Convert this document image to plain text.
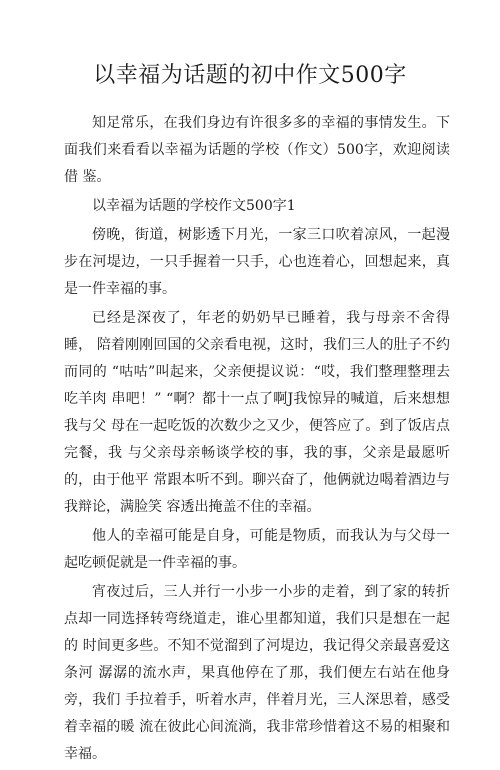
以幸福为话题的初中作文500字

知足常乐，在我们身边有许很多多的幸福的事情发生。下 面我们来看看以幸福为话题的学校（作文）500字，欢迎阅读借 鉴。

以幸福为话题的学校作文500字1

傍晚，街道，树影透下月光，一家三口吹着凉风，一起漫 步在河堤边，一只手握着一只手，心也连着心，回想起来，真是一件幸福的事。

已经是深夜了，年老的奶奶早已睡着，我与母亲不舍得睡， 陪着刚刚回国的父亲看电视，这时，我们三人的肚子不约而同的 “咕咕”叫起来，父亲便提议说：“哎，我们整理整理去吃羊肉 串吧！” “啊？都十一点了啊J我惊异的喊道，后来想想我与父 母在一起吃饭的次数少之又少，便答应了。到了饭店点完餐，我 与父亲母亲畅谈学校的事，我的事，父亲是最愿听的，由于他平 常跟本听不到。聊兴奋了，他俩就边喝着酒边与我辩论，满脸笑 容透出掩盖不住的幸福。

他人的幸福可能是自身，可能是物质，而我认为与父母一 起吃顿促就是一件幸福的事。

宵夜过后，三人并行一小步一小步的走着，到了家的转折 点却一同选择转弯绕道走，谁心里都知道，我们只是想在一起的 时间更多些。不知不觉溜到了河堤边，我记得父亲最喜爱这条河 潺潺的流水声，果真他停在了那，我们便左右站在他身旁，我们 手拉着手，听着水声，伴着月光，三人深思着，感受着幸福的暖 流在彼此心间流淌，我非常珍惜着这不易的相聚和幸福。
